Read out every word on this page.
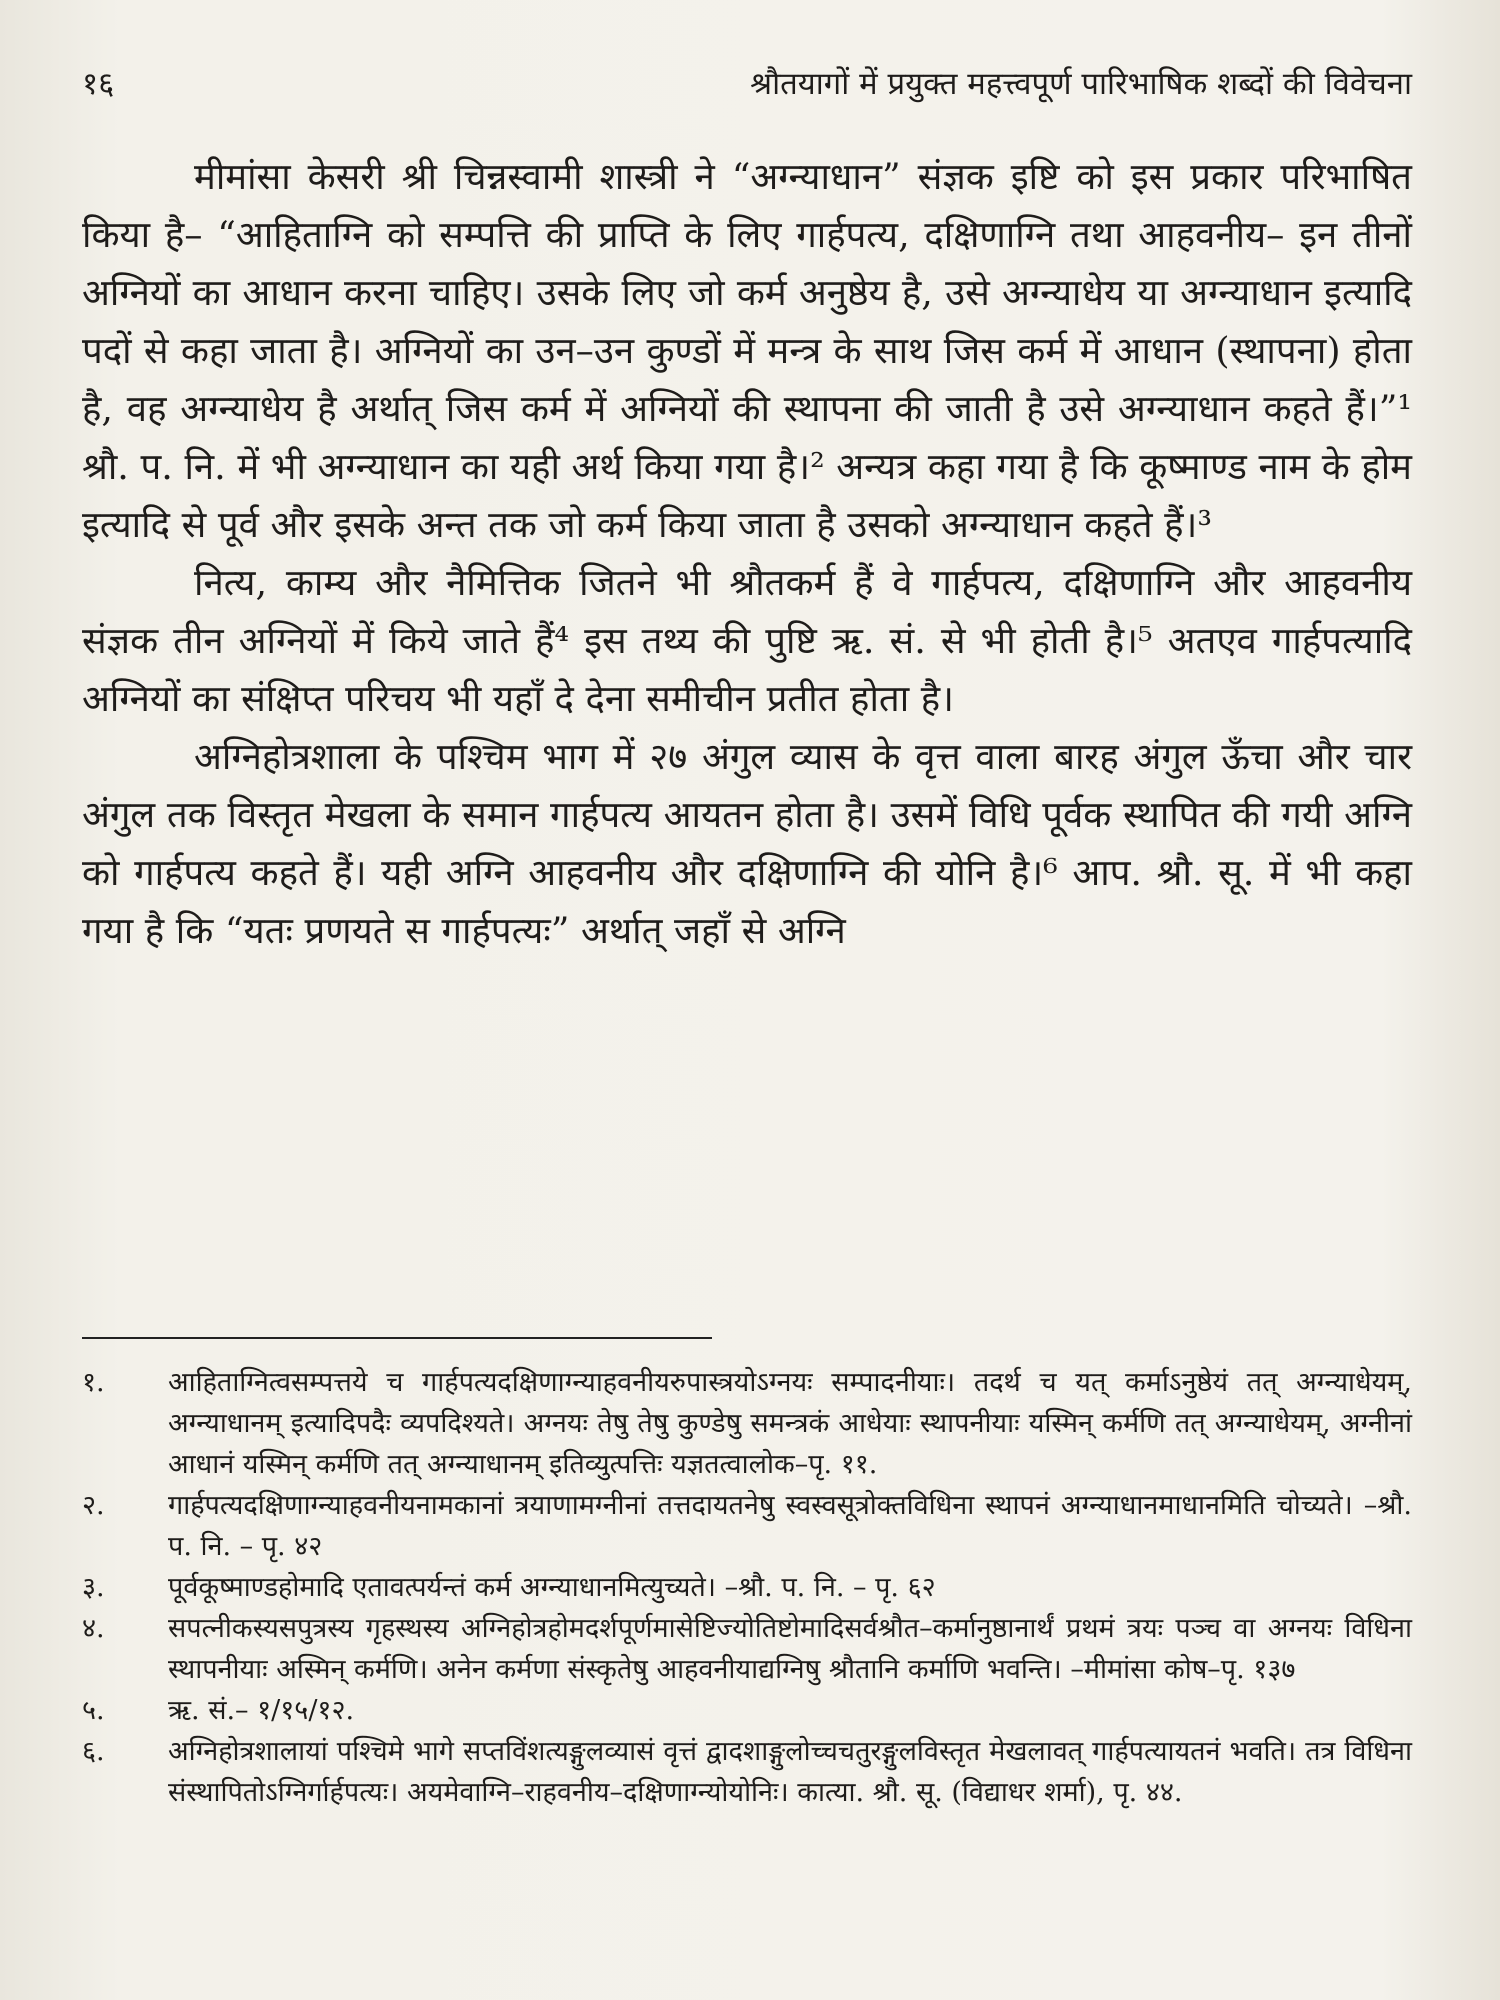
१६	श्रौतयागों में प्रयुक्त महत्त्वपूर्ण पारिभाषिक शब्दों की विवेचना

मीमांसा केसरी श्री चिन्नस्वामी शास्त्री ने “अग्न्याधान” संज्ञक इष्टि को इस प्रकार परिभाषित किया है– “आहिताग्नि को सम्पत्ति की प्राप्ति के लिए गार्हपत्य, दक्षिणाग्नि तथा आहवनीय– इन तीनों अग्नियों का आधान करना चाहिए। उसके लिए जो कर्म अनुष्ठेय है, उसे अग्न्याधेय या अग्न्याधान इत्यादि पदों से कहा जाता है। अग्नियों का उन–उन कुण्डों में मन्त्र के साथ जिस कर्म में आधान (स्थापना) होता है, वह अग्न्याधेय है अर्थात् जिस कर्म में अग्नियों की स्थापना की जाती है उसे अग्न्याधान कहते हैं।”¹ श्रौ. प. नि. में भी अग्न्याधान का यही अर्थ किया गया है।² अन्यत्र कहा गया है कि कूष्माण्ड नाम के होम इत्यादि से पूर्व और इसके अन्त तक जो कर्म किया जाता है उसको अग्न्याधान कहते हैं।³

नित्य, काम्य और नैमित्तिक जितने भी श्रौतकर्म हैं वे गार्हपत्य, दक्षिणाग्नि और आहवनीय संज्ञक तीन अग्नियों में किये जाते हैं⁴ इस तथ्य की पुष्टि ऋ. सं. से भी होती है।⁵ अतएव गार्हपत्यादि अग्नियों का संक्षिप्त परिचय भी यहाँ दे देना समीचीन प्रतीत होता है।

अग्निहोत्रशाला के पश्चिम भाग में २७ अंगुल व्यास के वृत्त वाला बारह अंगुल ऊँचा और चार अंगुल तक विस्तृत मेखला के समान गार्हपत्य आयतन होता है। उसमें विधि पूर्वक स्थापित की गयी अग्नि को गार्हपत्य कहते हैं। यही अग्नि आहवनीय और दक्षिणाग्नि की योनि है।⁶ आप. श्रौ. सू. में भी कहा गया है कि “यतः प्रणयते स गार्हपत्यः” अर्थात् जहाँ से अग्नि

१.	आहिताग्नित्वसम्पत्तये च गार्हपत्यदक्षिणाग्न्याहवनीयरुपास्त्रयोऽग्नयः सम्पादनीयाः। तदर्थ च यत् कर्माऽनुष्ठेयं तत् अग्न्याधेयम्, अग्न्याधानम् इत्यादिपदैः व्यपदिश्यते। अग्नयः तेषु तेषु कुण्डेषु समन्त्रकं आधेयाः स्थापनीयाः यस्मिन् कर्मणि तत् अग्न्याधेयम्, अग्नीनां आधानं यस्मिन् कर्मणि तत् अग्न्याधानम् इतिव्युत्पत्तिः यज्ञतत्वालोक–पृ. ११.
२.	गार्हपत्यदक्षिणाग्न्याहवनीयनामकानां त्रयाणामग्नीनां तत्तदायतनेषु स्वस्वसूत्रोक्तविधिना स्थापनं अग्न्याधानमाधानमिति चोच्यते। –श्रौ. प. नि. – पृ. ४२
३.	पूर्वकूष्माण्डहोमादि एतावत्पर्यन्तं कर्म अग्न्याधानमित्युच्यते। –श्रौ. प. नि. – पृ. ६२
४.	सपत्नीकस्यसपुत्रस्य गृहस्थस्य अग्निहोत्रहोमदर्शपूर्णमासेष्टिज्योतिष्टोमादिसर्वश्रौत–कर्मानुष्ठानार्थं प्रथमं त्रयः पञ्च वा अग्नयः विधिना स्थापनीयाः अस्मिन् कर्मणि। अनेन कर्मणा संस्कृतेषु आहवनीयाद्यग्निषु श्रौतानि कर्माणि भवन्ति। –मीमांसा कोष–पृ. १३७
५.	ऋ. सं.– १/१५/१२.
६.	अग्निहोत्रशालायां पश्चिमे भागे सप्तविंशत्यङ्गुलव्यासं वृत्तं द्वादशाङ्गुलोच्चचतुरङ्गुलविस्तृत मेखलावत् गार्हपत्यायतनं भवति। तत्र विधिना संस्थापितोऽग्निर्गार्हपत्यः। अयमेवाग्नि–राहवनीय–दक्षिणाग्न्योयोनिः। कात्या. श्रौ. सू. (विद्याधर शर्मा), पृ. ४४.
